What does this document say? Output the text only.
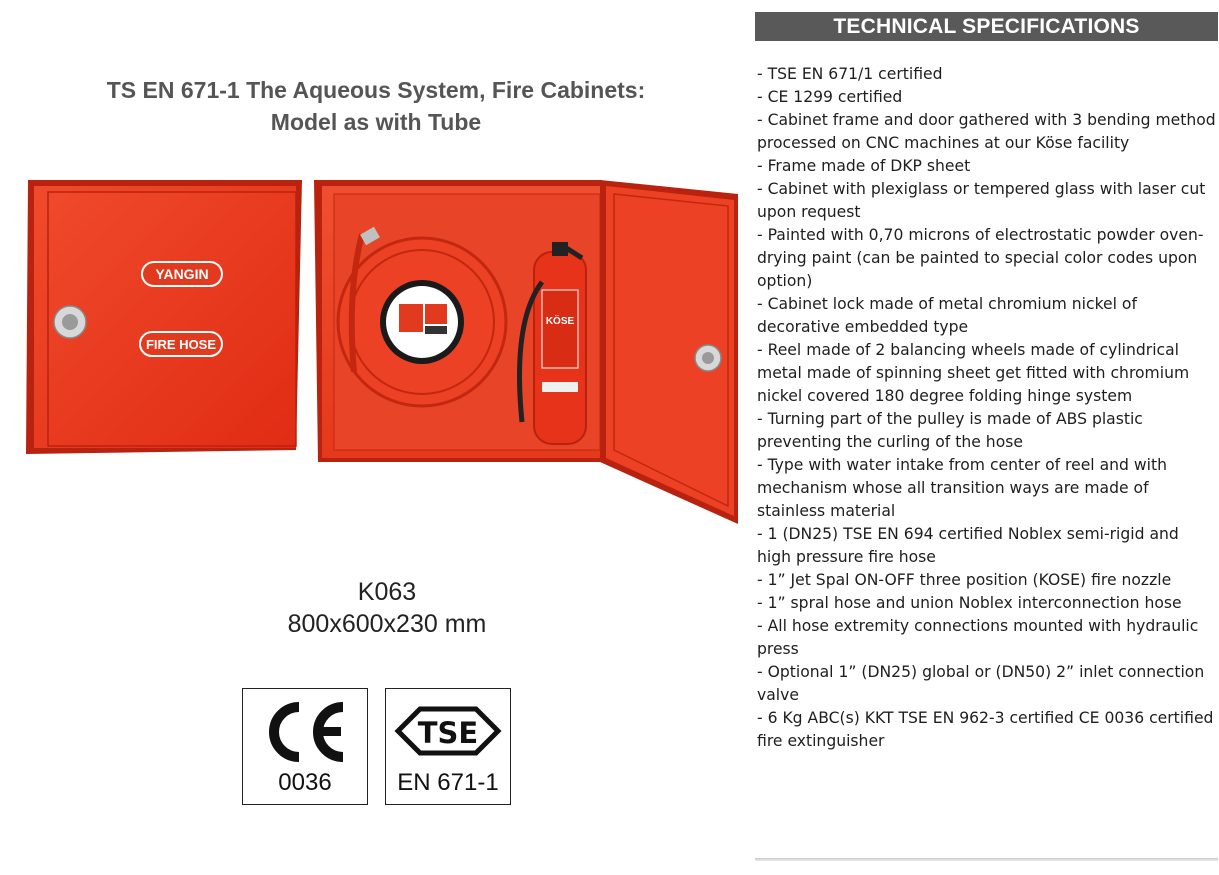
TS EN 671-1 The Aqueous System, Fire Cabinets:
Model as with Tube
YANGIN
FIRE HOSE
KÖSE
K063
800x600x230 mm
0036
TSE
EN 671-1
TECHNICAL SPECIFICATIONS

- TSE EN 671/1 certified

- CE 1299 certified

- Cabinet frame and door gathered with 3 bending method processed on CNC machines at our Köse facility

- Frame made of DKP sheet

- Cabinet with plexiglass or tempered glass with laser cut upon request

- Painted with 0,70 microns of electrostatic powder oven-drying paint (can be painted to special color codes upon option)

- Cabinet lock made of metal chromium nickel of decorative embedded type

- Reel made of 2 balancing wheels made of cylindrical metal made of spinning sheet get fitted with chromium nickel covered 180 degree folding hinge system

- Turning part of the pulley is made of ABS plastic preventing the curling of the hose

- Type with water intake from center of reel and with mechanism whose all transition ways are made of stainless material

- 1 (DN25) TSE EN 694 certified Noblex semi-rigid and high pressure fire hose

- 1” Jet Spal ON-OFF three position (KOSE) fire nozzle

- 1” spral hose and union Noblex interconnection hose

- All hose extremity connections mounted with hydraulic press

- Optional 1” (DN25) global or (DN50) 2” inlet connection valve

- 6 Kg ABC(s) KKT TSE EN 962-3 certified CE 0036 certified fire extinguisher
